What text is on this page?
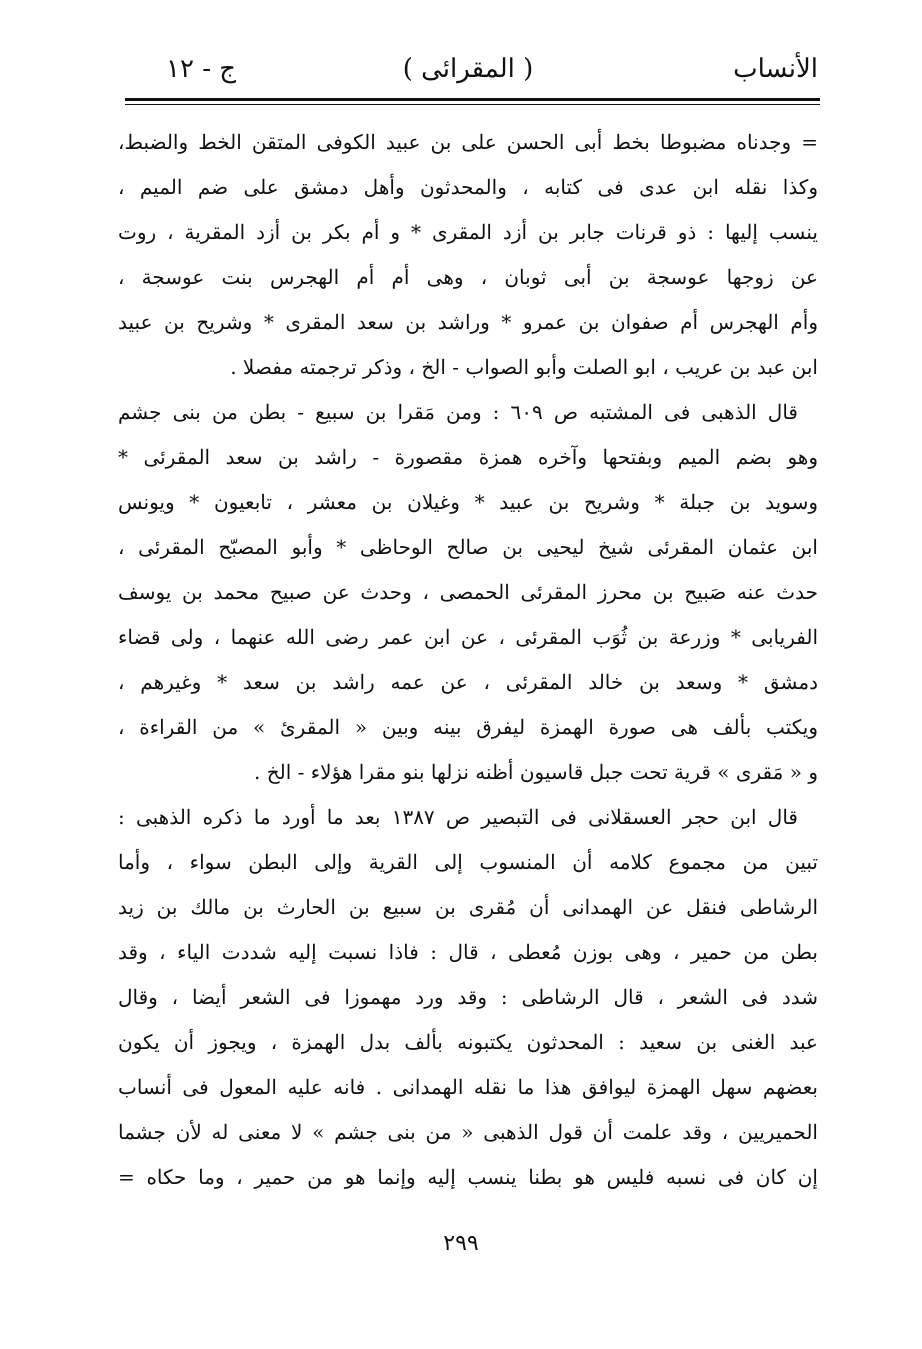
الأنساب
( المقرائى )
ج - ١٢
= وجدناه مضبوطا بخط أبى الحسن على بن عبيد الكوفى المتقن الخط والضبط،
وكذا نقله ابن عدى فى كتابه ، والمحدثون وأهل دمشق على ضم الميم ،
ينسب إليها : ذو قرنات جابر بن أزد المقرى * و أم بكر بن أزد المقرية ، روت
عن زوجها عوسجة بن أبى ثوبان ، وهى أم أم الهجرس بنت عوسجة ،
وأم الهجرس أم صفوان بن عمرو * وراشد بن سعد المقرى * وشريح بن عبيد
ابن عبد بن عريب ، ابو الصلت وأبو الصواب - الخ ، وذكر ترجمته مفصلا .
قال الذهبى فى المشتبه ص ٦٠٩ : ومن مَقرا بن سبيع - بطن من بنى جشم
وهو بضم الميم وبفتحها وآخره همزة مقصورة - راشد بن سعد المقرئى *
وسويد بن جبلة * وشريح بن عبيد * وغيلان بن معشر ، تابعيون * ويونس
ابن عثمان المقرئى شيخ ليحيى بن صالح الوحاظى * وأبو المصبّح المقرئى ،
حدث عنه صَبيح بن محرز المقرئى الحمصى ، وحدث عن صبيح محمد بن يوسف
الفريابى * وزرعة بن ثُوَب المقرئى ، عن ابن عمر رضى الله عنهما ، ولى قضاء
دمشق * وسعد بن خالد المقرئى ، عن عمه راشد بن سعد * وغيرهم ،
ويكتب بألف هى صورة الهمزة ليفرق بينه وبين « المقرئ » من القراءة ،
و « مَقرى » قرية تحت جبل قاسيون أظنه نزلها بنو مقرا هؤلاء - الخ .
قال ابن حجر العسقلانى فى التبصير ص ١٣٨٧ بعد ما أورد ما ذكره الذهبى :
تبين من مجموع كلامه أن المنسوب إلى القرية وإلى البطن سواء ، وأما
الرشاطى فنقل عن الهمدانى أن مُقرى بن سبيع بن الحارث بن مالك بن زيد
بطن من حمير ، وهى بوزن مُعطى ، قال : فاذا نسبت إليه شددت الياء ، وقد
شدد فى الشعر ، قال الرشاطى : وقد ورد مهموزا فى الشعر أيضا ، وقال
عبد الغنى بن سعيد : المحدثون يكتبونه بألف بدل الهمزة ، ويجوز أن يكون
بعضهم سهل الهمزة ليوافق هذا ما نقله الهمدانى . فانه عليه المعول فى أنساب
الحميريين ، وقد علمت أن قول الذهبى « من بنى جشم » لا معنى له لأن جشما
إن كان فى نسبه فليس هو بطنا ينسب إليه وإنما هو من حمير ، وما حكاه =
٢٩٩
